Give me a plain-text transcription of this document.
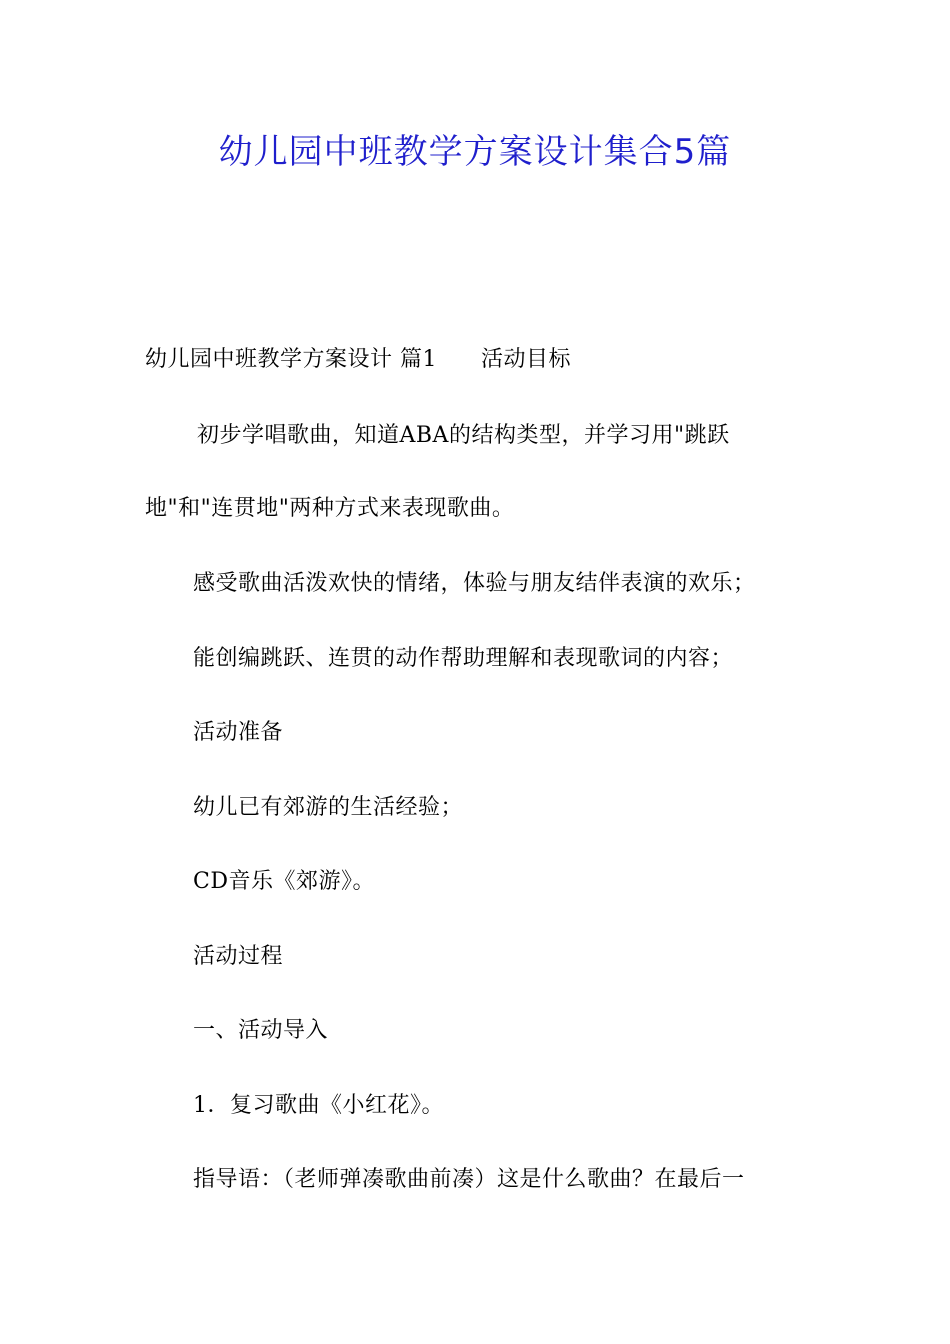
幼儿园中班教学方案设计集合5篇
幼儿园中班教学方案设计 篇1 活动目标
初步学唱歌曲，知道ABA的结构类型，并学习用"跳跃
地"和"连贯地"两种方式来表现歌曲。
感受歌曲活泼欢快的情绪，体验与朋友结伴表演的欢乐；
能创编跳跃、连贯的动作帮助理解和表现歌词的内容；
活动准备
幼儿已有郊游的生活经验；
CD音乐《郊游》。
活动过程
一、活动导入
1．复习歌曲《小红花》。
指导语：（老师弹凑歌曲前凑）这是什么歌曲？在最后一
